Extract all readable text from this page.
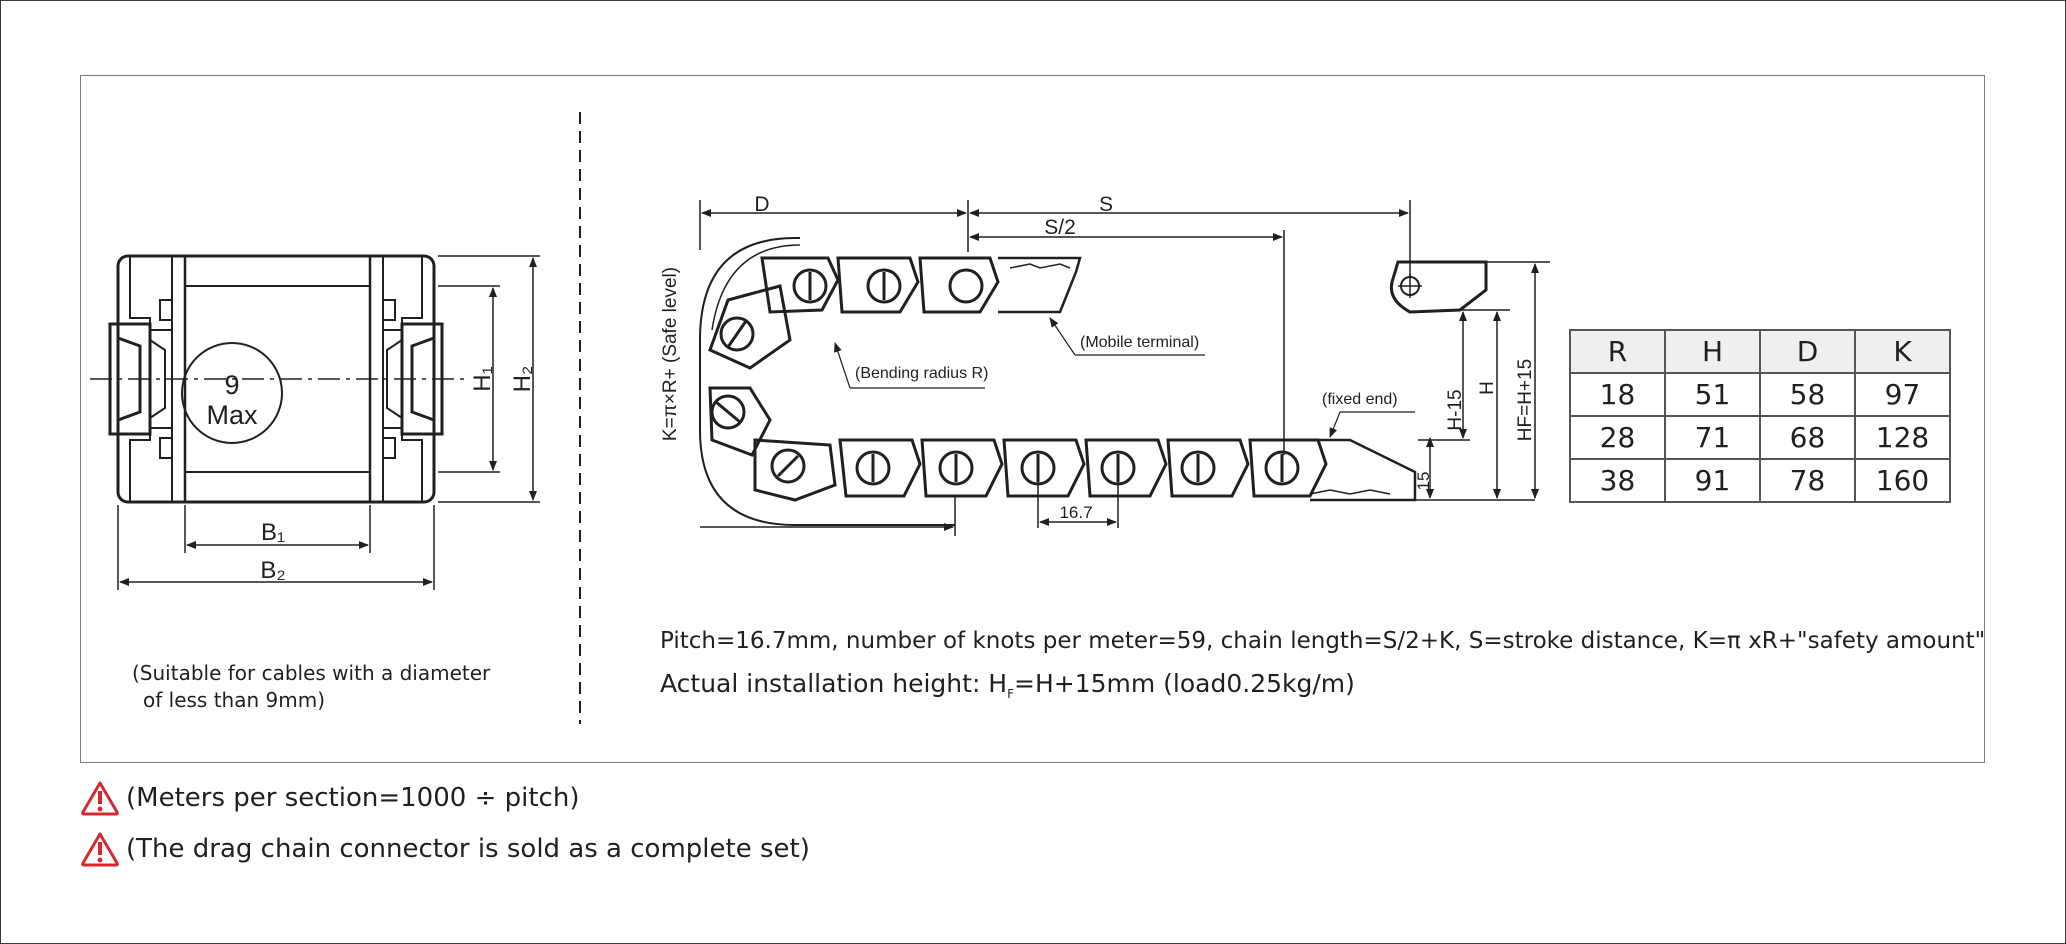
9
Max
H₁ H₂
B₁
B₂
D	S
S/2
K=π×R+ (Safe level)	(Bending radius R)
(Mobile terminal)
(fixed end) H-15
H HF=H+15
15
16.7
(Suitable for cables with a diameter
of less than 9mm)
R	H	D	K
18	51	58	97
28	71	68	128
38	91	78	160
Pitch=16.7mm, number of knots per meter=59, chain length=S/2+K, S=stroke distance, K=π xR+"safety amount"
Actual installation height: $H_F=H+15mm$ (load0.25kg/m)
(Meters per section=1000 ÷ pitch)
(The drag chain connector is sold as a complete set)
